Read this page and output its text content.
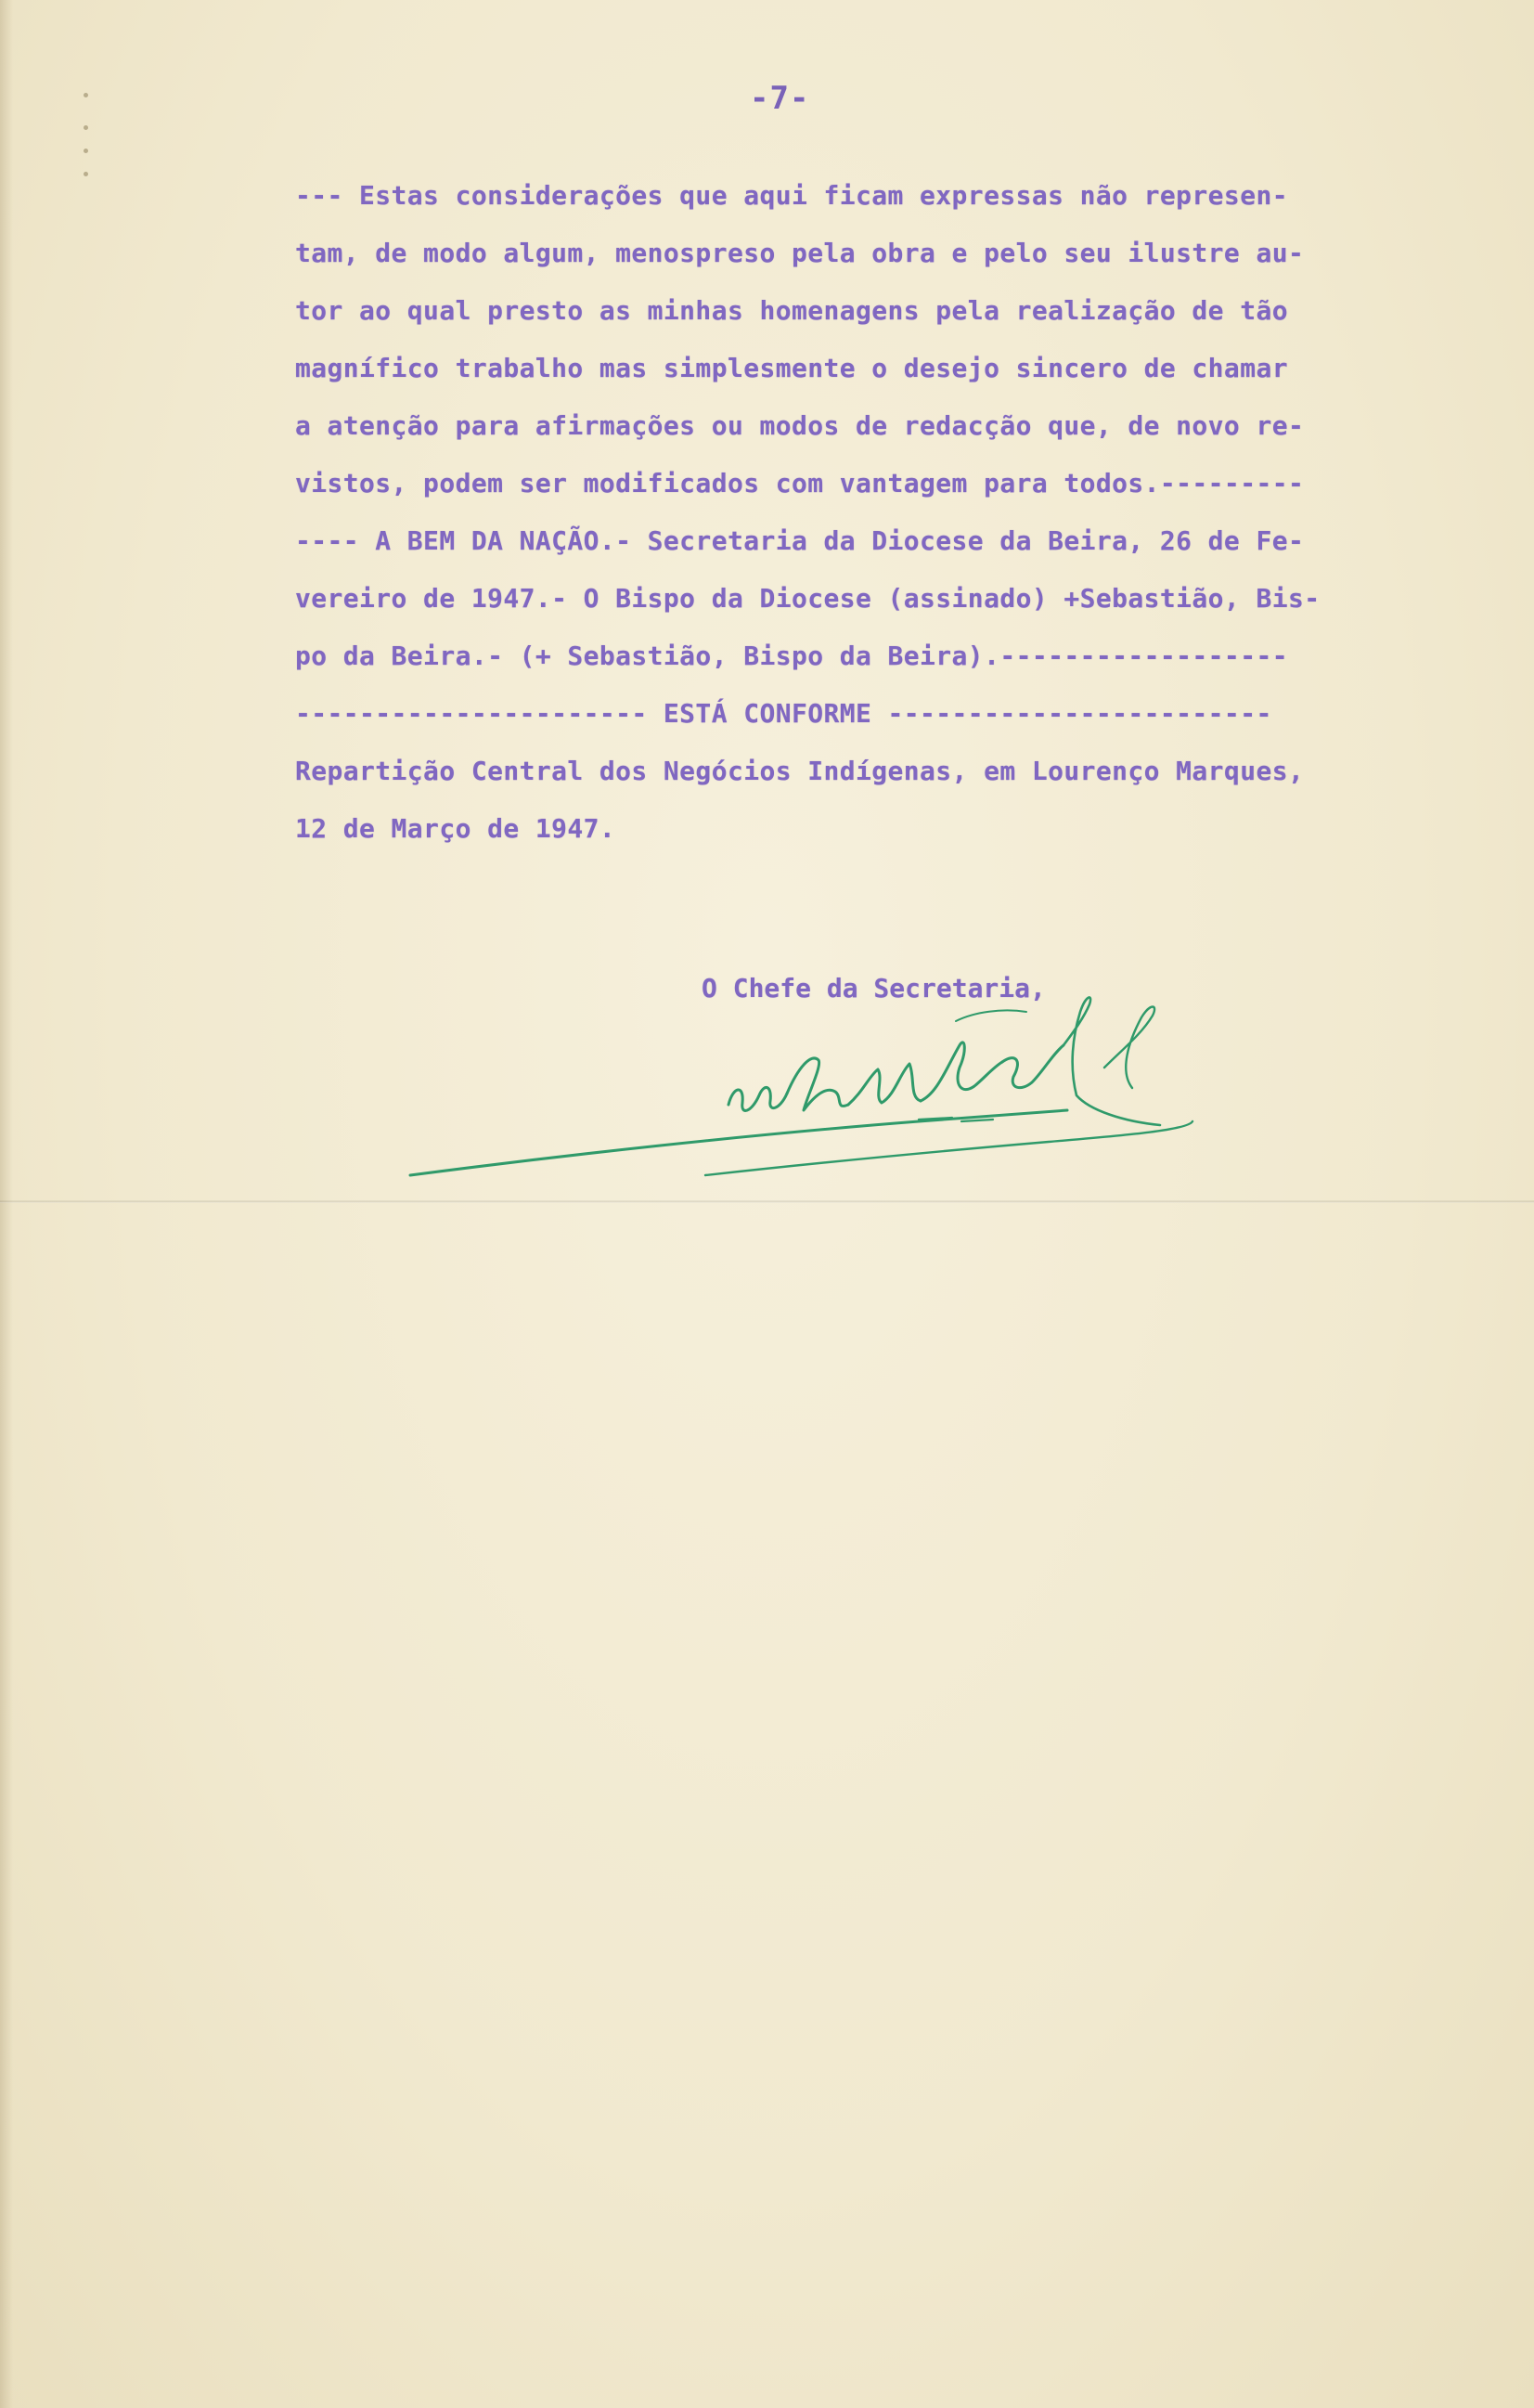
-7-
--- Estas considerações que aqui ficam expressas não represen-
tam, de modo algum, menospreso pela obra e pelo seu ilustre au-
tor ao qual presto as minhas homenagens pela realização de tão
magnífico trabalho mas simplesmente o desejo sincero de chamar
a atenção para afirmações ou modos de redacção que, de novo re-
vistos, podem ser modificados com vantagem para todos.---------
---- A BEM DA NAÇÃO.- Secretaria da Diocese da Beira, 26 de Fe-
vereiro de 1947.- O Bispo da Diocese (assinado) +Sebastião, Bis-
po da Beira.- (+ Sebastião, Bispo da Beira).------------------
---------------------- ESTÁ CONFORME ------------------------
Repartição Central dos Negócios Indígenas, em Lourenço Marques,
12 de Março de 1947.
O Chefe da Secretaria,
